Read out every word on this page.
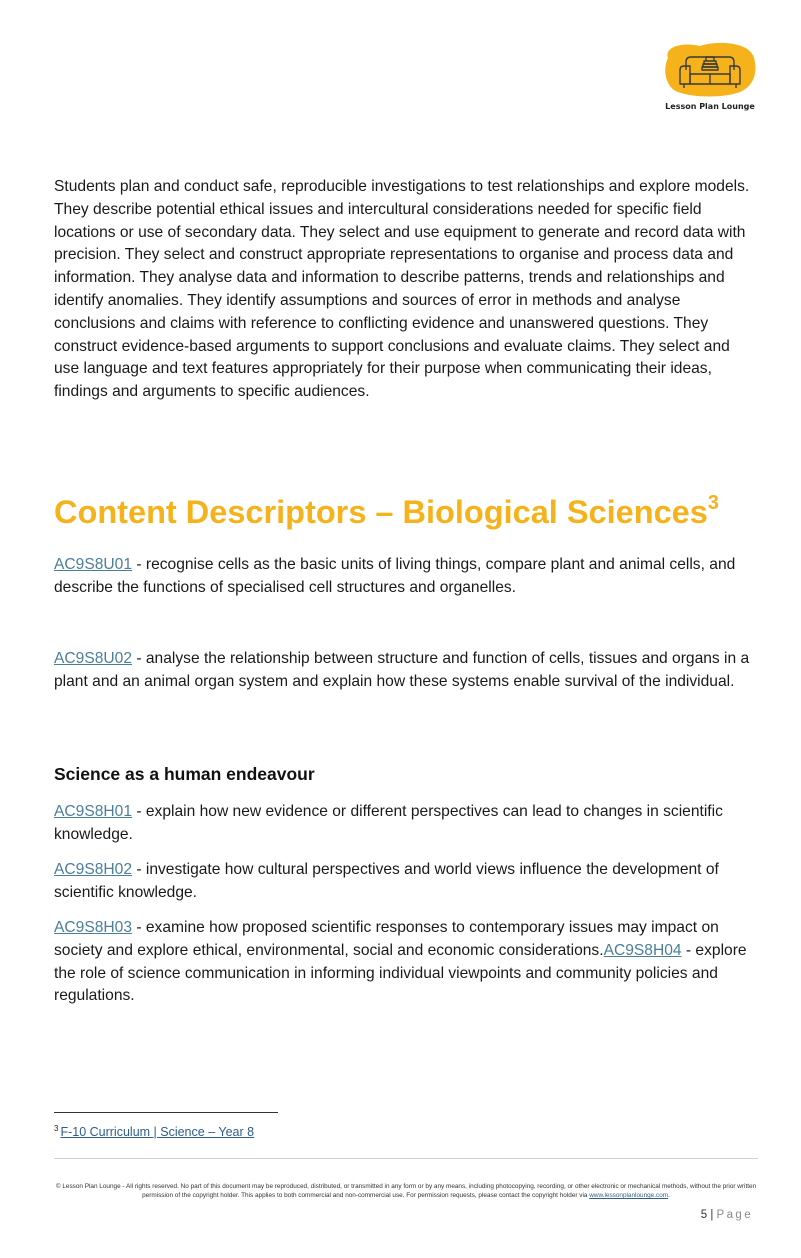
Lesson Plan Lounge

Students plan and conduct safe, reproducible investigations to test relationships and explore models. They describe potential ethical issues and intercultural considerations needed for specific field locations or use of secondary data. They select and use equipment to generate and record data with precision. They select and construct appropriate representations to organise and process data and information. They analyse data and information to describe patterns, trends and relationships and identify anomalies. They identify assumptions and sources of error in methods and analyse conclusions and claims with reference to conflicting evidence and unanswered questions. They construct evidence-based arguments to support conclusions and evaluate claims. They select and use language and text features appropriately for their purpose when communicating their ideas, findings and arguments to specific audiences.

Content Descriptors – Biological Sciences$^3$

AC9S8U01 - recognise cells as the basic units of living things, compare plant and animal cells, and describe the functions of specialised cell structures and organelles.

AC9S8U02 - analyse the relationship between structure and function of cells, tissues and organs in a plant and an animal organ system and explain how these systems enable survival of the individual.

Science as a human endeavour

AC9S8H01 - explain how new evidence or different perspectives can lead to changes in scientific knowledge.

AC9S8H02 - investigate how cultural perspectives and world views influence the development of scientific knowledge.

AC9S8H03 - examine how proposed scientific responses to contemporary issues may impact on society and explore ethical, environmental, social and economic considerations.AC9S8H04 - explore the role of science communication in informing individual viewpoints and community policies and regulations.

$^3$ F-10 Curriculum | Science – Year 8
© Lesson Plan Lounge - All rights reserved. No part of this document may be reproduced, distributed, or transmitted in any form or by any means, including photocopying, recording, or other electronic or mechanical methods, without the prior written permission of the copyright holder. This applies to both commercial and non-commercial use. For permission requests, please contact the copyright holder via www.lessonplanlounge.com.
5 | Page
